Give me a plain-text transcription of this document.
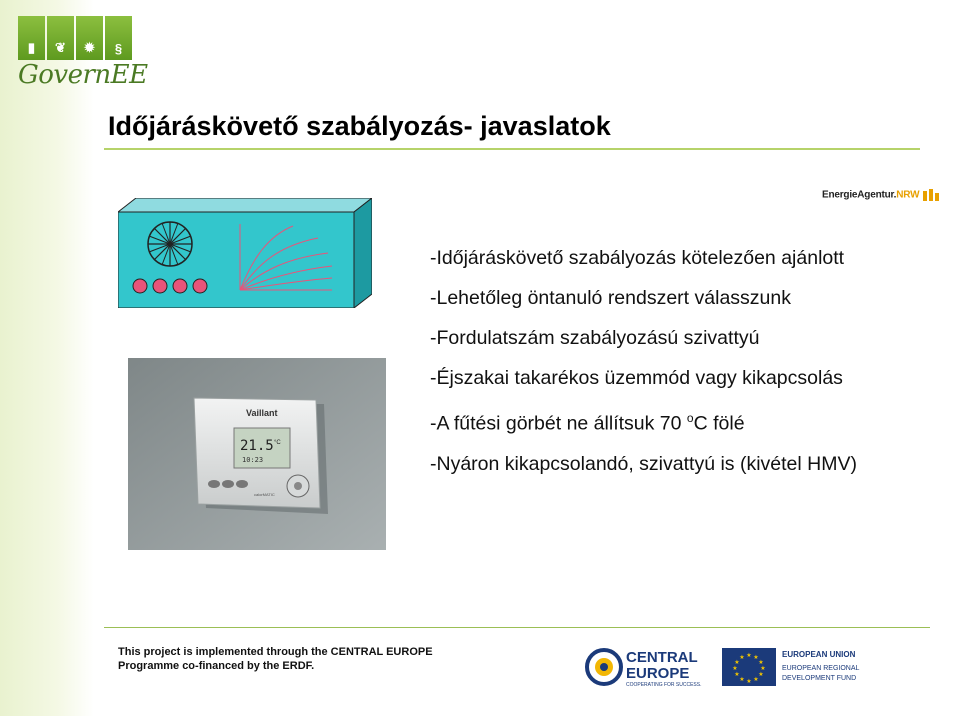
▮	❦	✹	§
GovernEE
Időjáráskövető szabályozás- javaslatok
EnergieAgentur.NRW
Vaillant
21.5 °C
10:23
calorMATIC
-Időjáráskövető szabályozás kötelezően ajánlott
-Lehetőleg öntanuló rendszert válasszunk
-Fordulatszám szabályozású szivattyú
-Éjszakai takarékos üzemmód vagy kikapcsolás
-A fűtési görbét ne állítsuk 70 $^o$C fölé
-Nyáron kikapcsolandó, szivattyú is (kivétel HMV)
This project is implemented through the CENTRAL EUROPE
Programme co-financed by the ERDF.	CENTRAL
EUROPE
COOPERATING FOR SUCCESS.
★ ★
★
★
★
★
★
★
★
★
★
★	EUROPEAN UNION
EUROPEAN REGIONAL
DEVELOPMENT FUND
